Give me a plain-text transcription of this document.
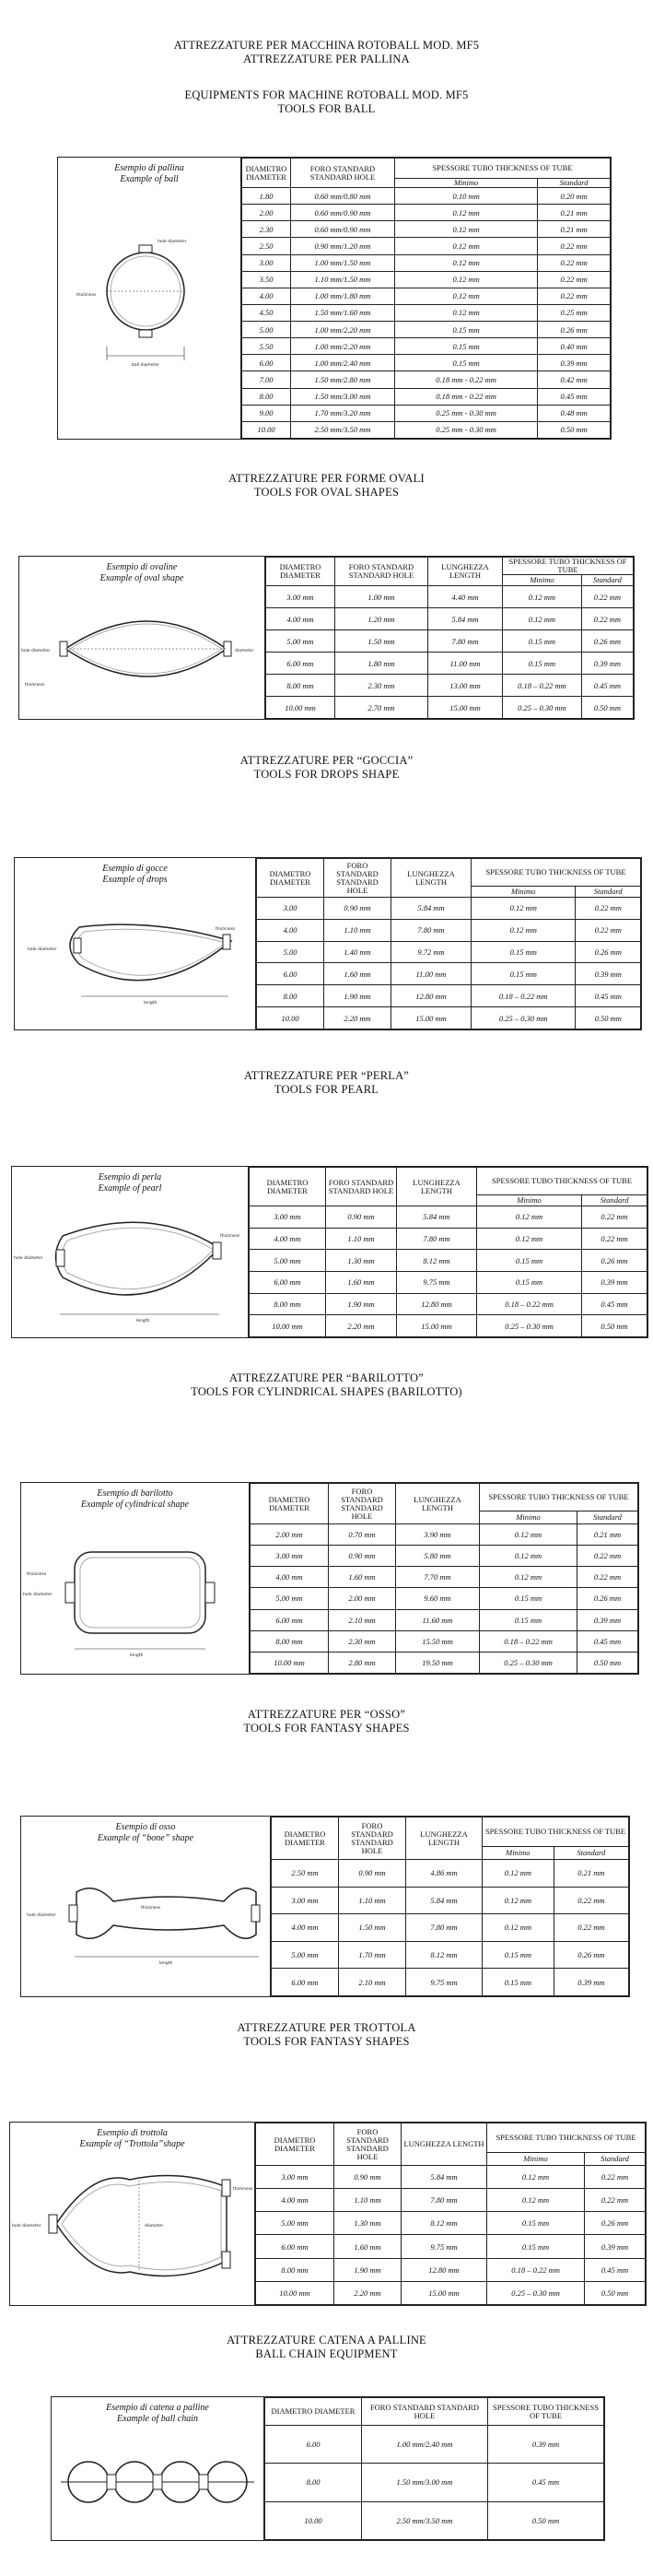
ATTREZZATURE PER MACCHINA ROTOBALL MOD. MF5
ATTREZZATURE PER PALLINA
EQUIPMENTS FOR MACHINE ROTOBALL MOD. MF5
TOOLS FOR BALL
Esempio di pallina
Example of ball
hole diameter
thickness
ball diameter
DIAMETRO DIAMETER	FORO STANDARD STANDARD HOLE	SPESSORE TUBO THICKNESS OF TUBE	
		Minimo	Standard
1.80	0.60 mm/0.80 mm	0.10 mm	0.20 mm
2.00	0.60 mm/0.90 mm	0.12 mm	0.21 mm
2.30	0.60 mm/0.90 mm	0.12 mm	0.21 mm
2.50	0.90 mm/1.20 mm	0.12 mm	0.22 mm
3.00	1.00 mm/1.50 mm	0.12 mm	0.22 mm
3.50	1.10 mm/1.50 mm	0.12 mm	0.22 mm
4.00	1.00 mm/1.80 mm	0.12 mm	0.22 mm
4.50	1.50 mm/1.60 mm	0.12 mm	0.25 mm
5.00	1.00 mm/2.20 mm	0.15 mm	0.26 mm
5.50	1.00 mm/2.20 mm	0.15 mm	0.40 mm
6.00	1.00 mm/2.40 mm	0.15 mm	0.39 mm
7.00	1.50 mm/2.80 mm	0.18 mm - 0.22 mm	0.42 mm
8.00	1.50 mm/3.00 mm	0.18 mm - 0.22 mm	0.45 mm
9.00	1.70 mm/3.20 mm	0.25 mm - 0.30 mm	0.48 mm
10.00	2.50 mm/3.50 mm	0.25 mm - 0.30 mm	0.50 mm
ATTREZZATURE PER FORME OVALI
TOOLS FOR OVAL SHAPES
Esempio di ovaline
Example of oval shape
hole diameter
thickness
diameter
DIAMETRO DIAMETER	FORO STANDARD STANDARD HOLE	LUNGHEZZA LENGTH	SPESSORE TUBO THICKNESS OF TUBE	
			Minimo	Standard
3.00 mm	1.00 mm	4.40 mm	0.12 mm	0.22 mm
4.00 mm	1.20 mm	5.84 mm	0.12 mm	0.22 mm
5.00 mm	1.50 mm	7.80 mm	0.15 mm	0.26 mm
6.00 mm	1.80 mm	11.00 mm	0.15 mm	0.39 mm
8.00 mm	2.30 mm	13.00 mm	0.18 – 0.22 mm	0.45 mm
10.00 mm	2.70 mm	15.00 mm	0.25 – 0.30 mm	0.50 mm
ATTREZZATURE PER “GOCCIA”
TOOLS FOR DROPS SHAPE
Esempio di gocce
Example of drops
hole diameter
thickness
length
DIAMETRO DIAMETER	FORO STANDARD STANDARD HOLE	LUNGHEZZA LENGTH	SPESSORE TUBO THICKNESS OF TUBE	
			Minimo	Standard
3.00	0.90 mm	5.84 mm	0.12 mm	0.22 mm
4.00	1.10 mm	7.80 mm	0.12 mm	0.22 mm
5.00	1.40 mm	9.72 mm	0.15 mm	0.26 mm
6.00	1.60 mm	11.00 mm	0.15 mm	0.39 mm
8.00	1.90 mm	12.80 mm	0.18 – 0.22 mm	0.45 mm
10.00	2.20 mm	15.00 mm	0.25 – 0.30 mm	0.50 mm
ATTREZZATURE PER “PERLA”
TOOLS FOR PEARL
Esempio di perla
Example of pearl
hole diameter
thickness
length
DIAMETRO DIAMETER	FORO STANDARD STANDARD HOLE	LUNGHEZZA LENGTH	SPESSORE TUBO THICKNESS OF TUBE	
			Minimo	Standard
3.00 mm	0.90 mm	5.84 mm	0.12 mm	0.22 mm
4.00 mm	1.10 mm	7.80 mm	0.12 mm	0.22 mm
5.00 mm	1.30 mm	8.12 mm	0.15 mm	0.26 mm
6.00 mm	1.60 mm	9.75 mm	0.15 mm	0.39 mm
8.00 mm	1.90 mm	12.80 mm	0.18 – 0.22 mm	0.45 mm
10.00 mm	2.20 mm	15.00 mm	0.25 – 0.30 mm	0.50 mm
ATTREZZATURE PER “BARILOTTO”
TOOLS FOR CYLINDRICAL SHAPES (BARILOTTO)
Esempio di barilotto
Example of cylindrical shape
hole diameter
thickness
length
DIAMETRO DIAMETER	FORO STANDARD STANDARD HOLE	LUNGHEZZA LENGTH	SPESSORE TUBO THICKNESS OF TUBE	
			Minimo	Standard
2.00 mm	0.70 mm	3.90 mm	0.12 mm	0.21 mm
3.00 mm	0.90 mm	5.80 mm	0.12 mm	0.22 mm
4.00 mm	1.60 mm	7.70 mm	0.12 mm	0.22 mm
5.00 mm	2.00 mm	9.60 mm	0.15 mm	0.26 mm
6.00 mm	2.10 mm	11.60 mm	0.15 mm	0.39 mm
8.00 mm	2.30 mm	15.50 mm	0.18 – 0.22 mm	0.45 mm
10.00 mm	2.80 mm	19.50 mm	0.25 – 0.30 mm	0.50 mm
ATTREZZATURE PER “OSSO”
TOOLS FOR FANTASY SHAPES
Esempio di osso
Example of “bone” shape
hole diameter
thickness
length
DIAMETRO DIAMETER	FORO STANDARD STANDARD HOLE	LUNGHEZZA LENGTH	SPESSORE TUBO THICKNESS OF TUBE	
			Minimo	Standard
2.50 mm	0.90 mm	4.86 mm	0.12 mm	0.21 mm
3.00 mm	1.10 mm	5.84 mm	0.12 mm	0.22 mm
4.00 mm	1.50 mm	7.80 mm	0.12 mm	0.22 mm
5.00 mm	1.70 mm	8.12 mm	0.15 mm	0.26 mm
6.00 mm	2.10 mm	9.75 mm	0.15 mm	0.39 mm
ATTREZZATURE PER TROTTOLA
TOOLS FOR FANTASY SHAPES
Esempio di trottola
Example of “Trottola”shape
hole diameter
thickness
diameter
DIAMETRO DIAMETER	FORO STANDARD STANDARD HOLE	LUNGHEZZA LENGTH	SPESSORE TUBO THICKNESS OF TUBE	
			Minimo	Standard
3.00 mm	0.90 mm	5.84 mm	0.12 mm	0.22 mm
4.00 mm	1.10 mm	7.80 mm	0.12 mm	0.22 mm
5.00 mm	1.30 mm	8.12 mm	0.15 mm	0.26 mm
6.00 mm	1.60 mm	9.75 mm	0.15 mm	0.39 mm
8.00 mm	1.90 mm	12.80 mm	0.18 – 0.22 mm	0.45 mm
10.00 mm	2.20 mm	15.00 mm	0.25 – 0.30 mm	0.50 mm
ATTREZZATURE CATENA A PALLINE
BALL CHAIN EQUIPMENT
Esempio di catena a palline
Example of ball chain
DIAMETRO DIAMETER	FORO STANDARD STANDARD HOLE	SPESSORE TUBO THICKNESS OF TUBE
6.00	1.00 mm/2.40 mm	0.39 mm
8.00	1.50 mm/3.00 mm	0.45 mm
10.00	2.50 mm/3.50 mm	0.50 mm
